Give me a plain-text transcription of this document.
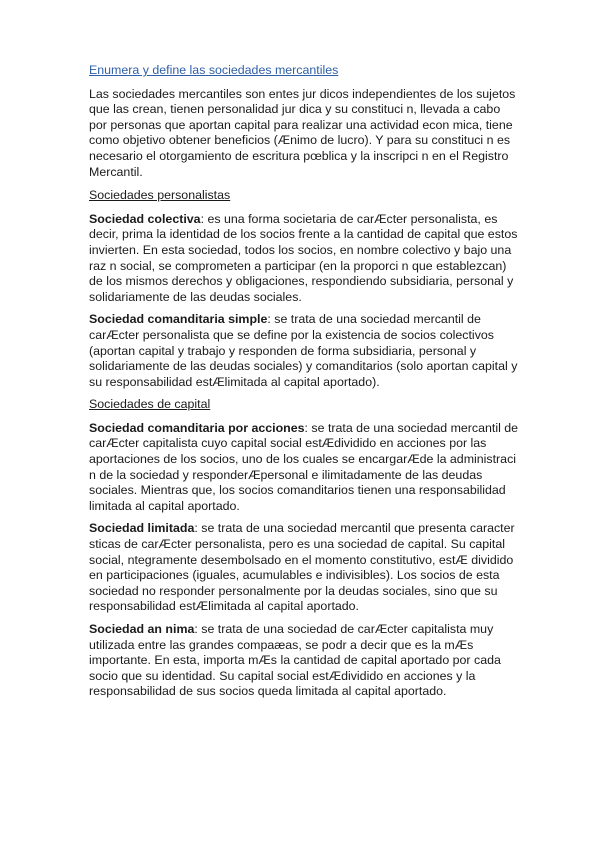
Enumera y define las sociedades mercantiles

Las sociedades mercantiles son entes jur dicos independientes de los sujetos que las crean, tienen personalidad jur dica y su constituci n, llevada a cabo por personas que aportan capital para realizar una actividad econ mica, tiene como objetivo obtener beneficios (Ænimo de lucro). Y para su constituci n es necesario el otorgamiento de escritura pœblica y la inscripci n en el Registro Mercantil.

Sociedades personalistas

Sociedad colectiva: es una forma societaria de carÆcter personalista, es decir, prima la identidad de los socios frente a la cantidad de capital que estos invierten. En esta sociedad, todos los socios, en nombre colectivo y bajo una raz n social, se comprometen a participar (en la proporci n que establezcan) de los mismos derechos y obligaciones, respondiendo subsidiaria, personal y solidariamente de las deudas sociales.

Sociedad comanditaria simple: se trata de una sociedad mercantil de carÆcter personalista que se define por la existencia de socios colectivos (aportan capital y trabajo y responden de forma subsidiaria, personal y solidariamente de las deudas sociales) y comanditarios (solo aportan capital y su responsabilidad estÆlimitada al capital aportado).

Sociedades de capital

Sociedad comanditaria por acciones: se trata de una sociedad mercantil de carÆcter capitalista cuyo capital social estÆdividido en acciones por las aportaciones de los socios, uno de los cuales se encargarÆde la administraci n de la sociedad y responderÆpersonal e ilimitadamente de las deudas sociales. Mientras que, los socios comanditarios tienen una responsabilidad limitada al capital aportado.

Sociedad limitada: se trata de una sociedad mercantil que presenta caracter sticas de carÆcter personalista, pero es una sociedad de capital. Su capital social, ntegramente desembolsado en el momento constitutivo, estÆ dividido en participaciones (iguales, acumulables e indivisibles). Los socios de esta sociedad no responder personalmente por la deudas sociales, sino que su responsabilidad estÆlimitada al capital aportado.

Sociedad an nima: se trata de una sociedad de carÆcter capitalista muy utilizada entre las grandes compaæas, se podr a decir que es la mÆs importante. En esta, importa mÆs la cantidad de capital aportado por cada socio que su identidad. Su capital social estÆdividido en acciones y la responsabilidad de sus socios queda limitada al capital aportado.
